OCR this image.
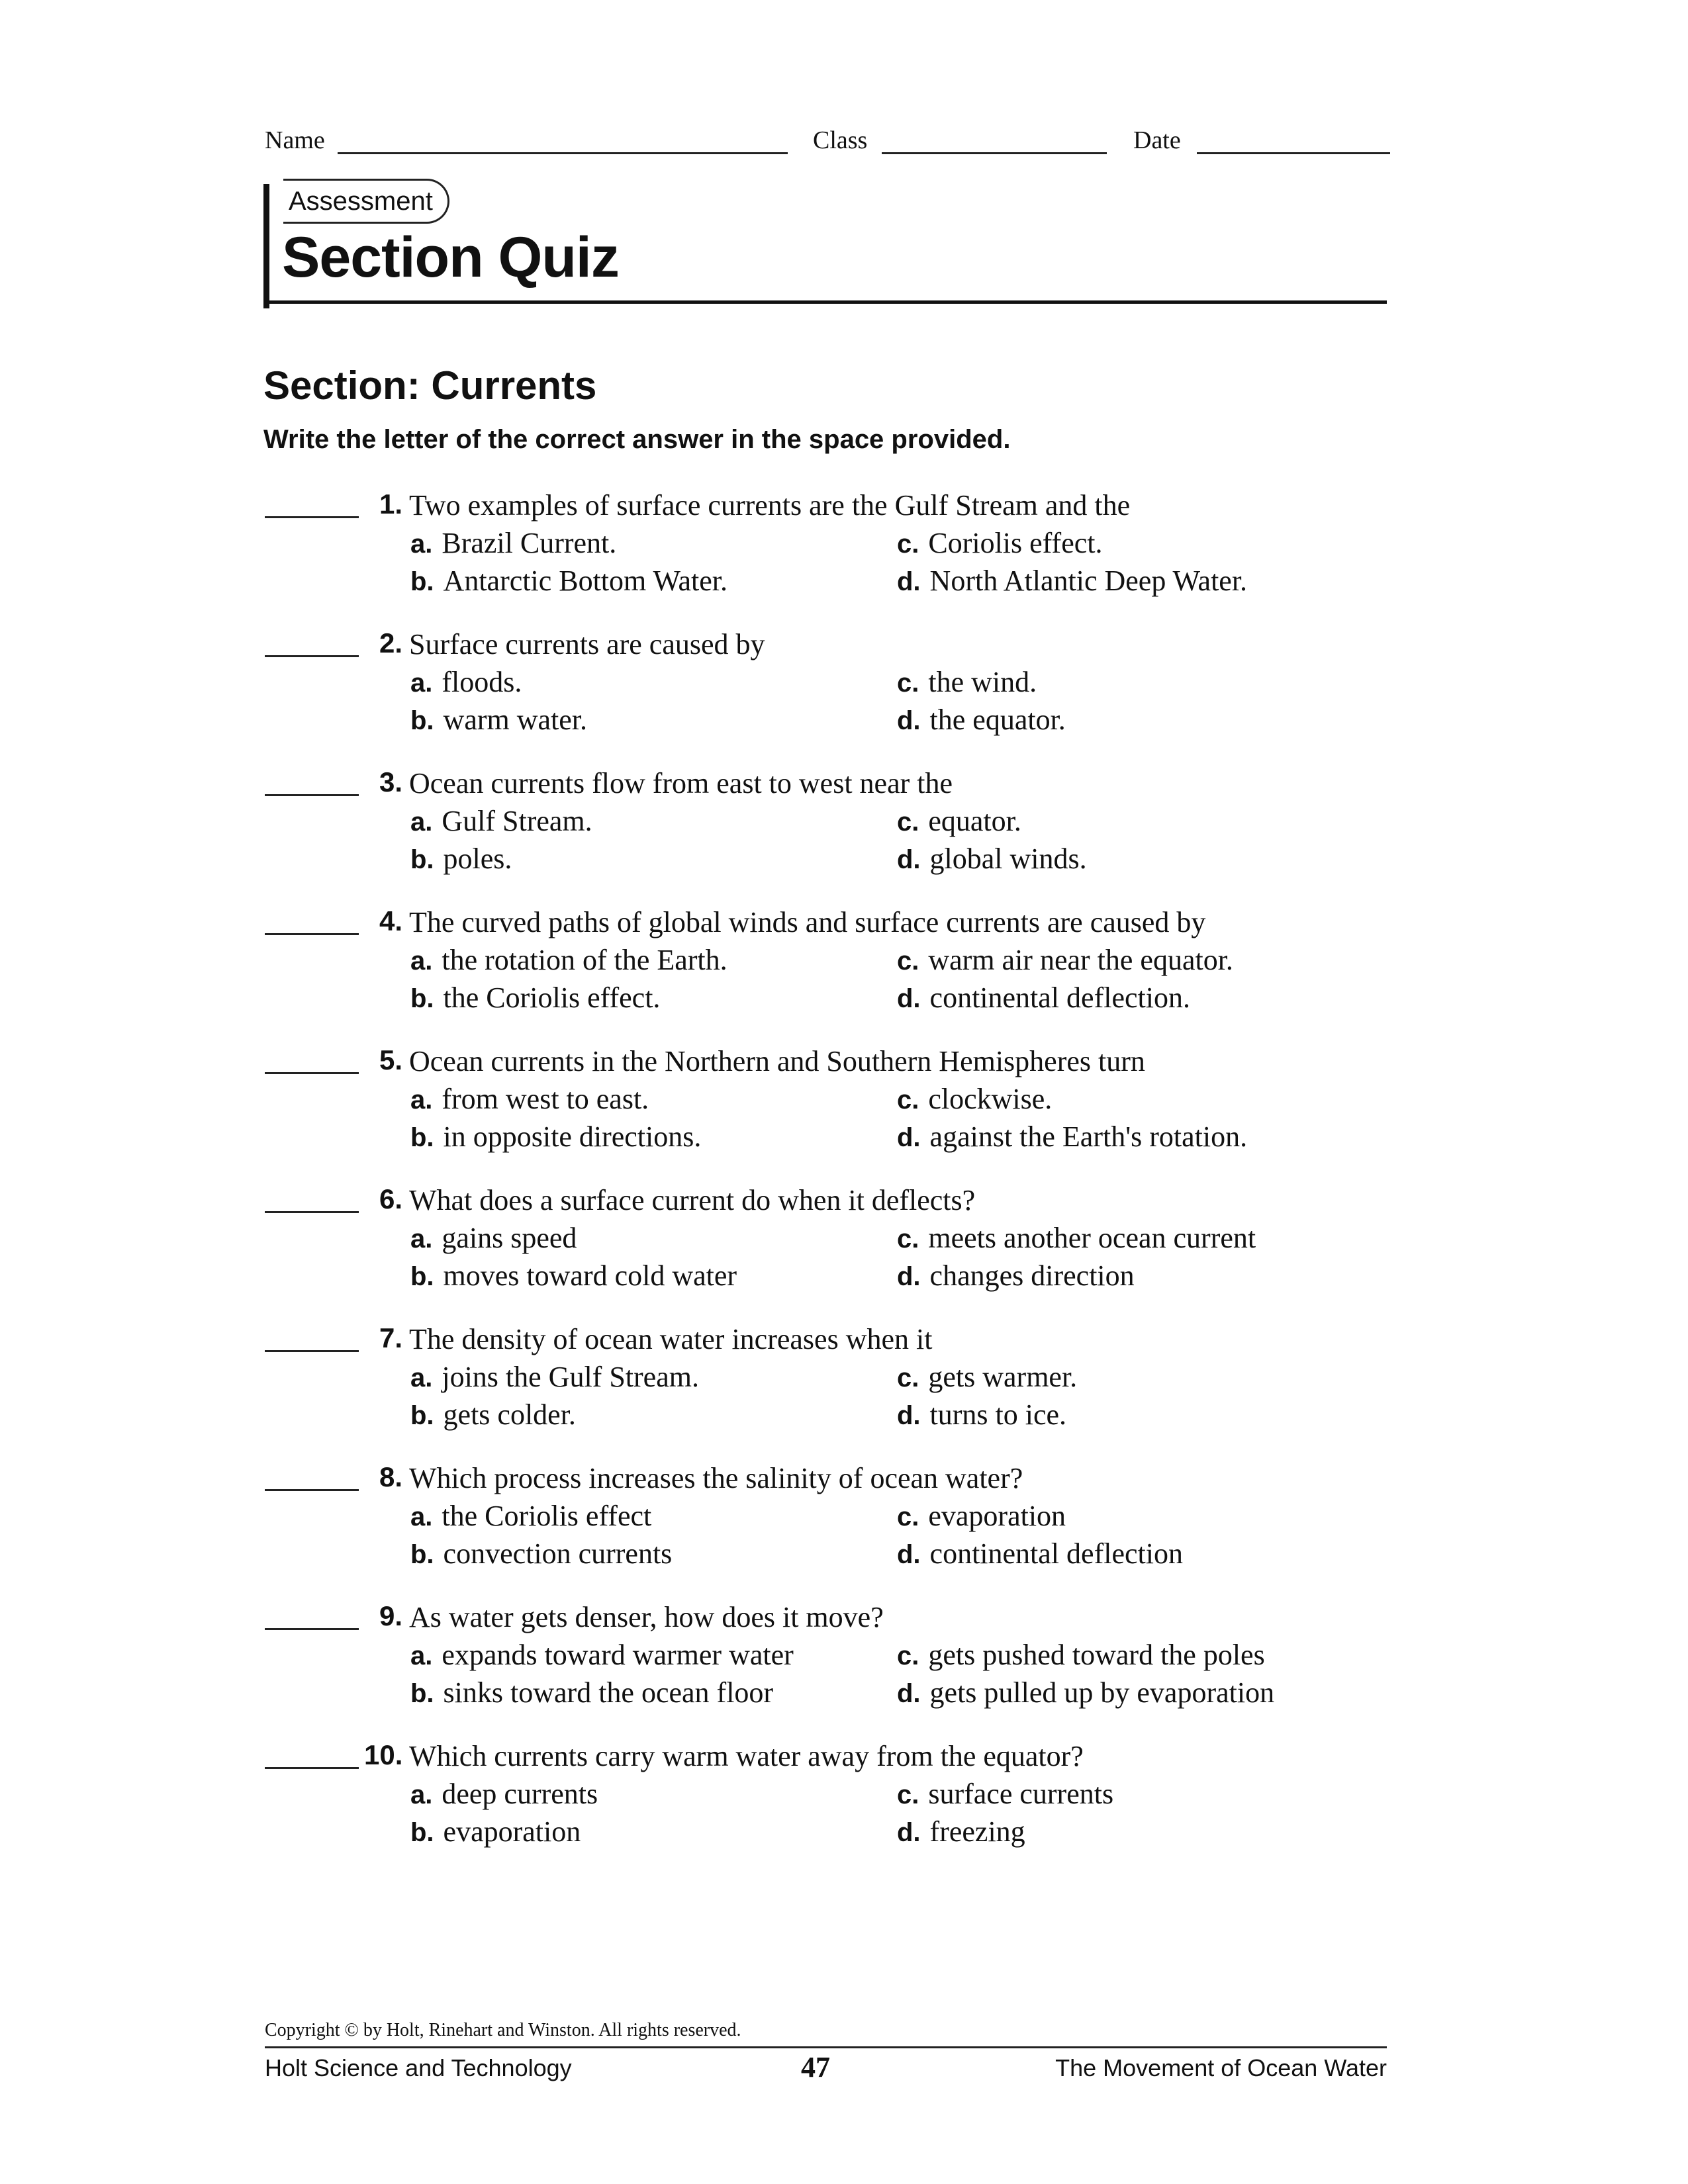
Name	Class	Date
Assessment
Section Quiz
Section: Currents
Write the letter of the correct answer in the space provided.
1. Two examples of surface currents are the Gulf Stream and the
a. Brazil Current.
b. Antarctic Bottom Water.
c. Coriolis effect.
d. North Atlantic Deep Water.
2. Surface currents are caused by
a. floods.
b. warm water.
c. the wind.
d. the equator.
3. Ocean currents flow from east to west near the
a. Gulf Stream.
b. poles.
c. equator.
d. global winds.
4. The curved paths of global winds and surface currents are caused by
a. the rotation of the Earth.
b. the Coriolis effect.
c. warm air near the equator.
d. continental deflection.
5. Ocean currents in the Northern and Southern Hemispheres turn
a. from west to east.
b. in opposite directions.
c. clockwise.
d. against the Earth's rotation.
6. What does a surface current do when it deflects?
a. gains speed
b. moves toward cold water
c. meets another ocean current
d. changes direction
7. The density of ocean water increases when it
a. joins the Gulf Stream.
b. gets colder.
c. gets warmer.
d. turns to ice.
8. Which process increases the salinity of ocean water?
a. the Coriolis effect
b. convection currents
c. evaporation
d. continental deflection
9. As water gets denser, how does it move?
a. expands toward warmer water
b. sinks toward the ocean floor
c. gets pushed toward the poles
d. gets pulled up by evaporation
10. Which currents carry warm water away from the equator?
a. deep currents
b. evaporation
c. surface currents
d. freezing
Copyright © by Holt, Rinehart and Winston. All rights reserved.
Holt Science and Technology	47	The Movement of Ocean Water
